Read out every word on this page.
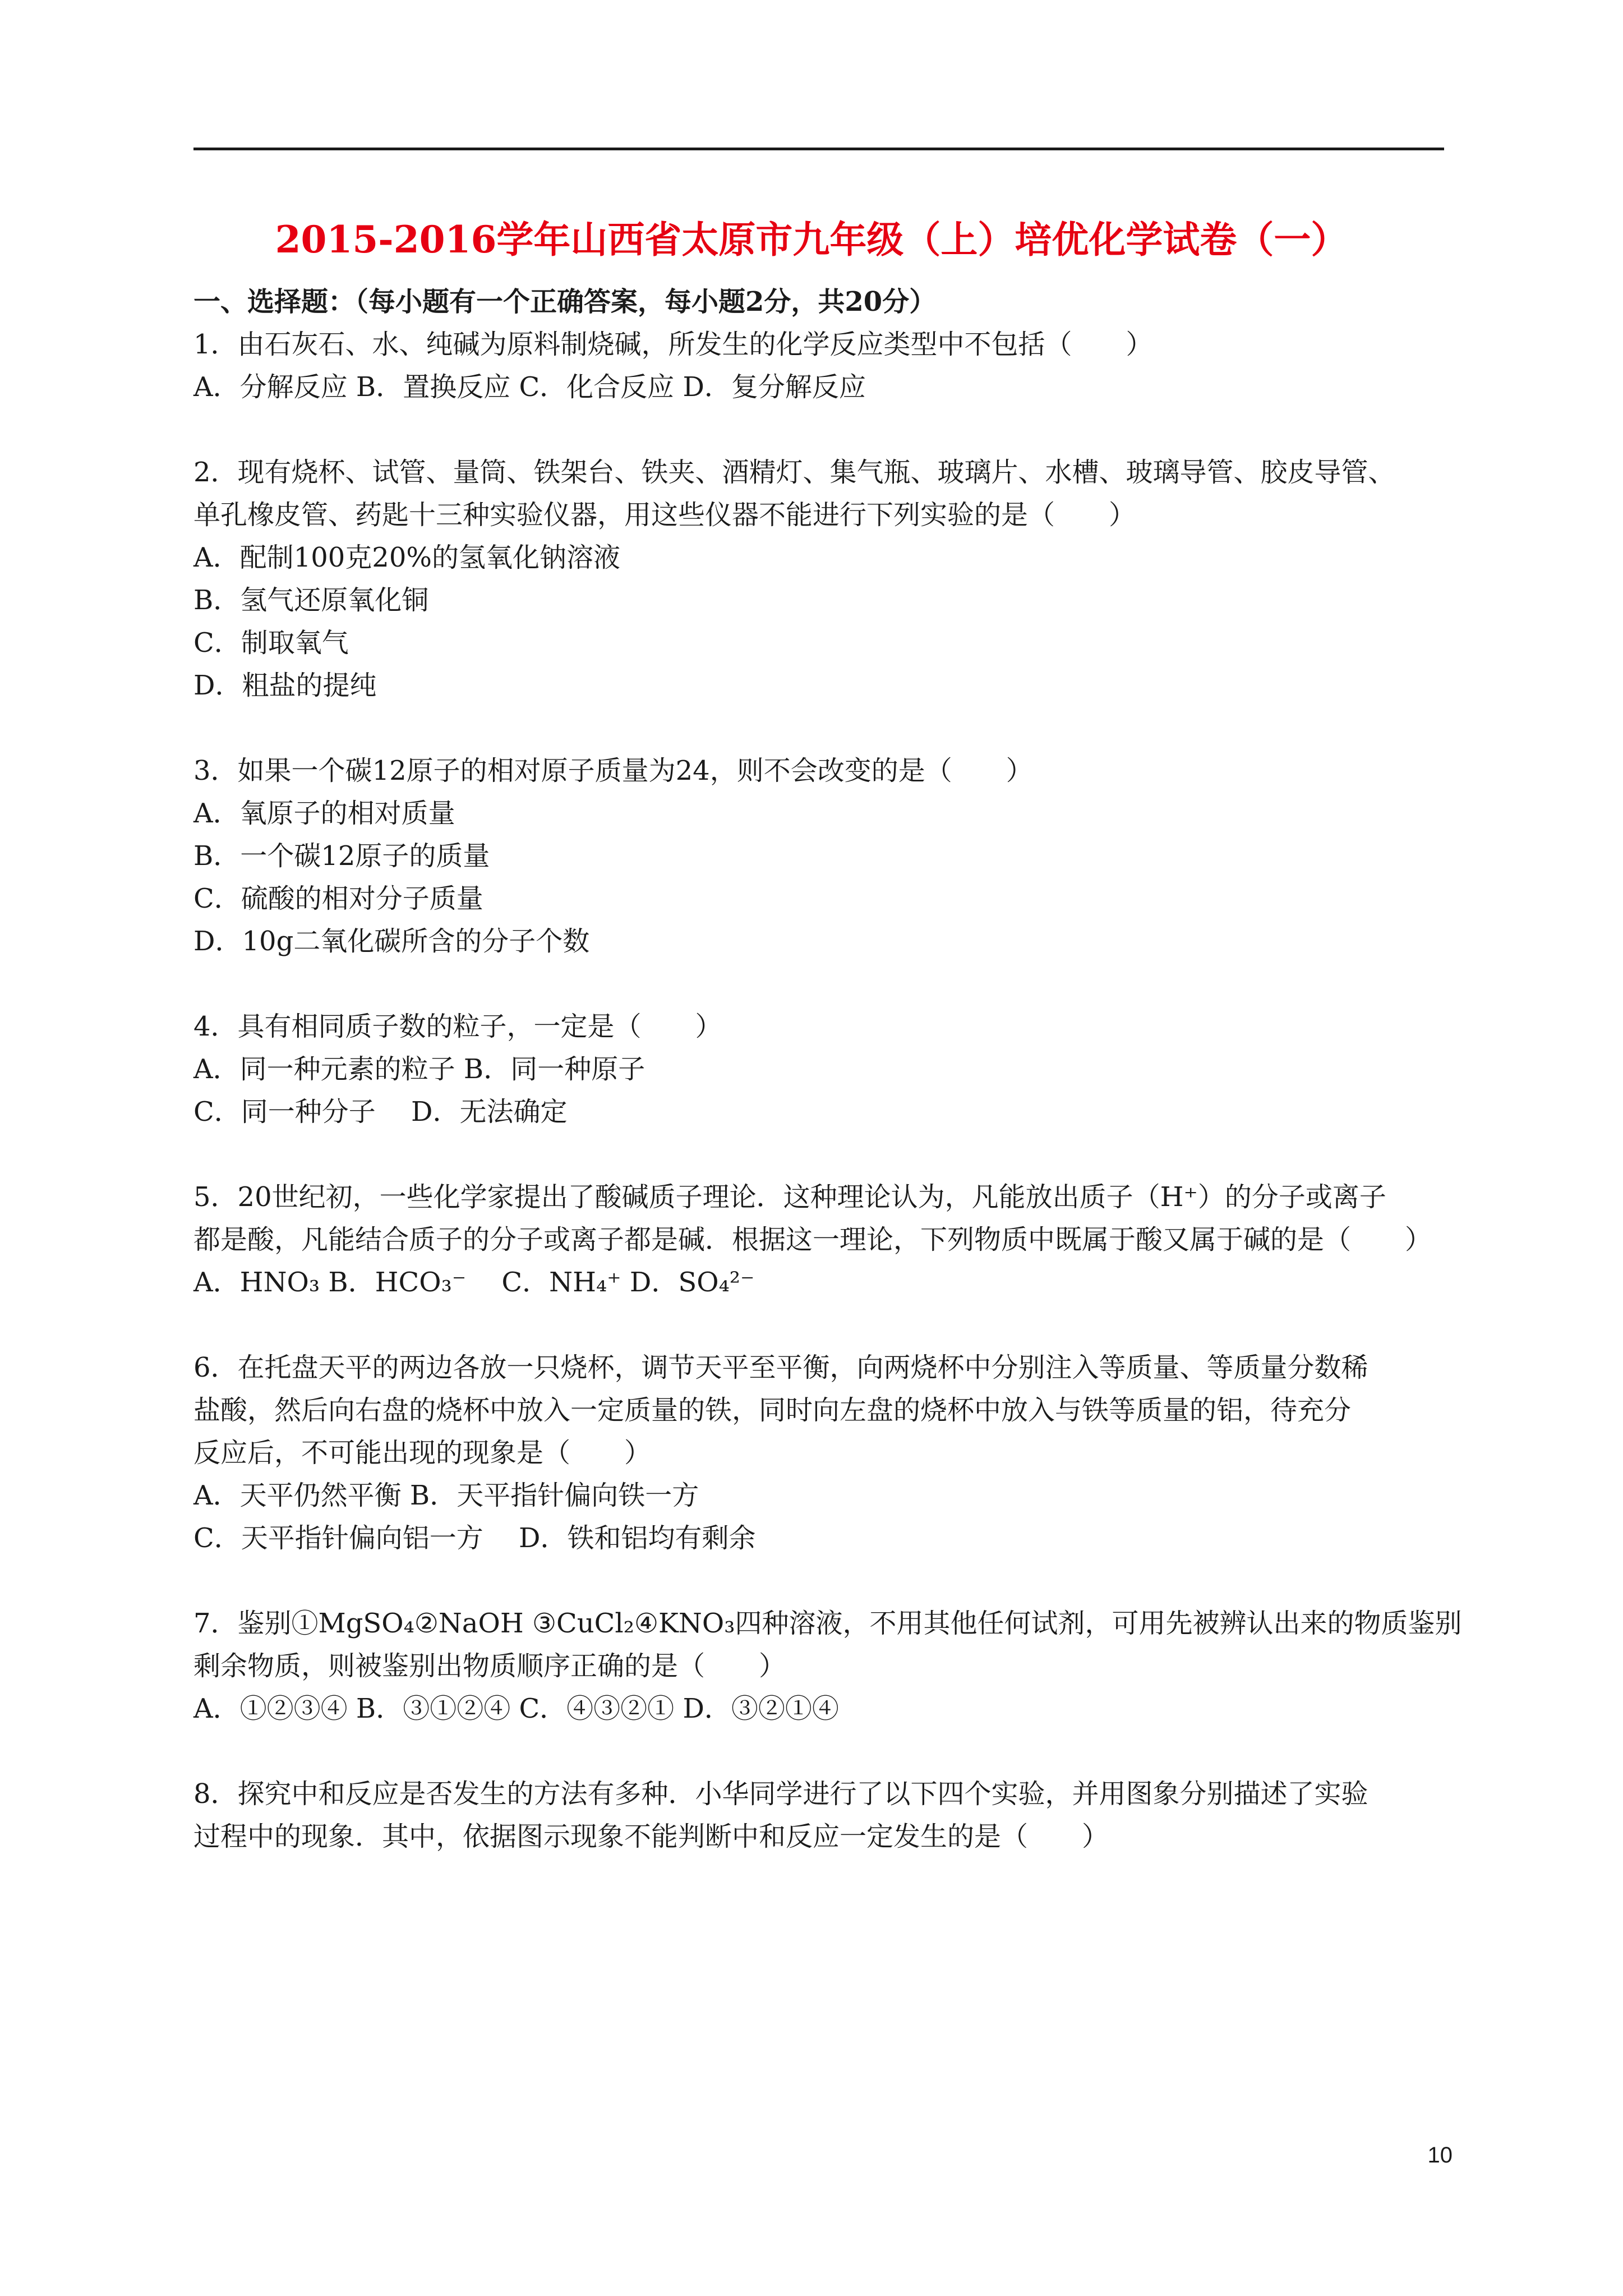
2015-2016学年山西省太原市九年级（上）培优化学试卷（一）
一、选择题：（每小题有一个正确答案，每小题2分，共20分）
1．由石灰石、水、纯碱为原料制烧碱，所发生的化学反应类型中不包括（　　）
A．分解反应 B．置换反应 C．化合反应 D．复分解反应
2．现有烧杯、试管、量筒、铁架台、铁夹、酒精灯、集气瓶、玻璃片、水槽、玻璃导管、胶皮导管、
单孔橡皮管、药匙十三种实验仪器，用这些仪器不能进行下列实验的是（　　）
A．配制100克20%的氢氧化钠溶液
B．氢气还原氧化铜
C．制取氧气
D．粗盐的提纯
3．如果一个碳12原子的相对原子质量为24，则不会改变的是（　　）
A．氧原子的相对质量
B．一个碳12原子的质量
C．硫酸的相对分子质量
D．10g二氧化碳所含的分子个数
4．具有相同质子数的粒子，一定是（　　）
A．同一种元素的粒子 B．同一种原子
C．同一种分子　 D．无法确定
5．20世纪初，一些化学家提出了酸碱质子理论．这种理论认为，凡能放出质子（H⁺）的分子或离子
都是酸，凡能结合质子的分子或离子都是碱．根据这一理论，下列物质中既属于酸又属于碱的是（　　）
A．HNO₃ B．HCO₃⁻　 C．NH₄⁺ D．SO₄²⁻
6．在托盘天平的两边各放一只烧杯，调节天平至平衡，向两烧杯中分别注入等质量、等质量分数稀
盐酸，然后向右盘的烧杯中放入一定质量的铁，同时向左盘的烧杯中放入与铁等质量的铝，待充分
反应后，不可能出现的现象是（　　）
A．天平仍然平衡 B．天平指针偏向铁一方
C．天平指针偏向铝一方　 D．铁和铝均有剩余
7．鉴别①MgSO₄②NaOH ③CuCl₂④KNO₃四种溶液，不用其他任何试剂，可用先被辨认出来的物质鉴别
剩余物质，则被鉴别出物质顺序正确的是（　　）
A．①②③④ B．③①②④ C．④③②① D．③②①④
8．探究中和反应是否发生的方法有多种．小华同学进行了以下四个实验，并用图象分别描述了实验
过程中的现象．其中，依据图示现象不能判断中和反应一定发生的是（　　）
10
